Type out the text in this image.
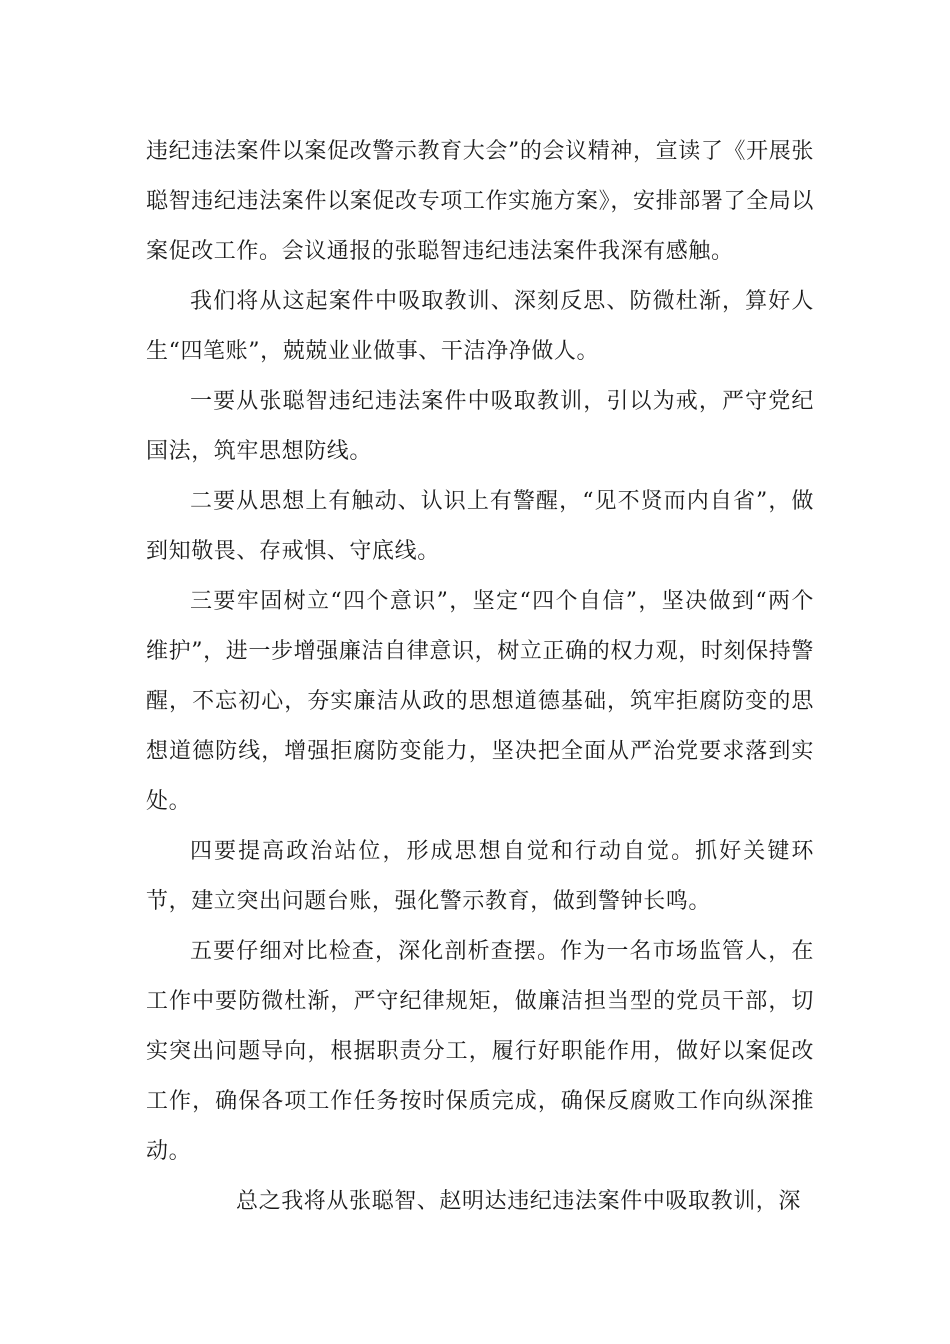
违纪违法案件以案促改警示教育大会”的会议精神，宣读了《开展张聪智违纪违法案件以案促改专项工作实施方案》，安排部署了全局以案促改工作。会议通报的张聪智违纪违法案件我深有感触。

我们将从这起案件中吸取教训、深刻反思、防微杜渐，算好人生“四笔账”，兢兢业业做事、干洁净净做人。

一要从张聪智违纪违法案件中吸取教训，引以为戒，严守党纪国法，筑牢思想防线。

二要从思想上有触动、认识上有警醒，“见不贤而内自省”，做到知敬畏、存戒惧、守底线。

三要牢固树立“四个意识”，坚定“四个自信”，坚决做到“两个维护”，进一步增强廉洁自律意识，树立正确的权力观，时刻保持警醒，不忘初心，夯实廉洁从政的思想道德基础，筑牢拒腐防变的思想道德防线，增强拒腐防变能力，坚决把全面从严治党要求落到实处。

四要提高政治站位，形成思想自觉和行动自觉。抓好关键环节，建立突出问题台账，强化警示教育，做到警钟长鸣。

五要仔细对比检查，深化剖析查摆。作为一名市场监管人，在工作中要防微杜渐，严守纪律规矩，做廉洁担当型的党员干部，切实突出问题导向，根据职责分工，履行好职能作用，做好以案促改工作，确保各项工作任务按时保质完成，确保反腐败工作向纵深推动。

总之我将从张聪智、赵明达违纪违法案件中吸取教训，深
